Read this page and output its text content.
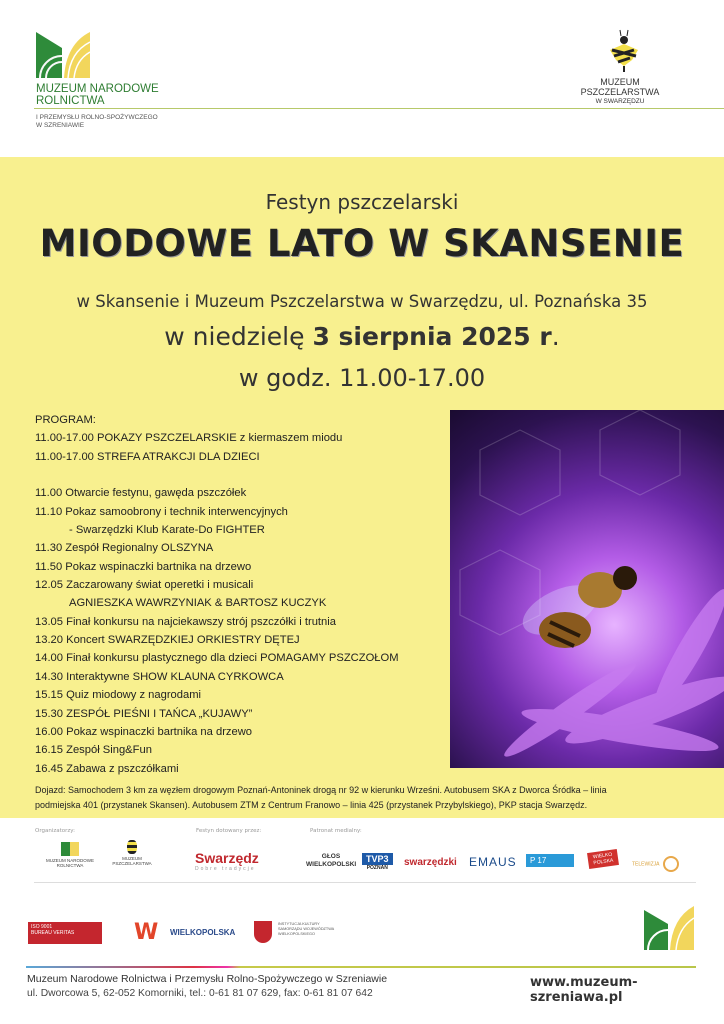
MUZEUM NARODOWE
ROLNICTWA
I PRZEMYSŁU ROLNO-SPOŻYWCZEGO
W SZRENIAWIE
MUZEUM
PSZCZELARSTWA
W SWARZĘDZU
Festyn pszczelarski
MIODOWE LATO W SKANSENIE
w Skansenie i Muzeum Pszczelarstwa w Swarzędzu, ul. Poznańska 35
w niedzielę 3 sierpnia 2025 r.
w godz. 11.00-17.00
PROGRAM:
11.00-17.00 POKAZY PSZCZELARSKIE z kiermaszem miodu
11.00-17.00 STREFA ATRAKCJI DLA DZIECI
11.00 Otwarcie festynu, gawęda pszczółek
11.10 Pokaz samoobrony i technik interwencyjnych
- Swarzędzki Klub Karate-Do FIGHTER
11.30 Zespół Regionalny OLSZYNA
11.50 Pokaz wspinaczki bartnika na drzewo
12.05 Zaczarowany świat operetki i musicali
AGNIESZKA WAWRZYNIAK & BARTOSZ KUCZYK
13.05 Finał konkursu na najciekawszy strój pszczółki i trutnia
13.20 Koncert SWARZĘDZKIEJ ORKIESTRY DĘTEJ
14.00 Finał konkursu plastycznego dla dzieci POMAGAMY PSZCZOŁOM
14.30 Interaktywne SHOW KLAUNA CYRKOWCA
15.15 Quiz miodowy z nagrodami
15.30 ZESPÓŁ PIEŚNI I TAŃCA „KUJAWY”
16.00 Pokaz wspinaczki bartnika na drzewo
16.15 Zespół Sing&Fun
16.45 Zabawa z pszczółkami
Dojazd: Samochodem 3 km za węzłem drogowym Poznań-Antoninek drogą nr 92 w kierunku Wrześni. Autobusem SKA z Dworca Śródka – linia
podmiejska 401 (przystanek Skansen). Autobusem ZTM z Centrum Franowo – linia 425 (przystanek Przybylskiego), PKP stacja Swarzędz.
Organizatorzy:	Festyn dotowany przez:	Patronat medialny:
MUZEUM NARODOWE ROLNICTWA
MUZEUM PSZCZELARSTWA	Swarzędz
Dobre tradycje
GŁOS WIELKOPOLSKI
TVP3
POZNAŃ	swarzędzki EMAUS	P 17	WIELKO POLSKA	TELEWIZJA
ISO 9001
BUREAU VERITAS	W WIELKOPOLSKA
INSTYTUCJA KULTURY SAMORZĄDU WOJEWÓDZTWA WIELKOPOLSKIEGO
Muzeum Narodowe Rolnictwa i Przemysłu Rolno-Spożywczego w Szreniawie
ul. Dworcowa 5, 62-052 Komorniki, tel.: 0-61 81 07 629, fax: 0-61 81 07 642
www.muzeum-szreniawa.pl
